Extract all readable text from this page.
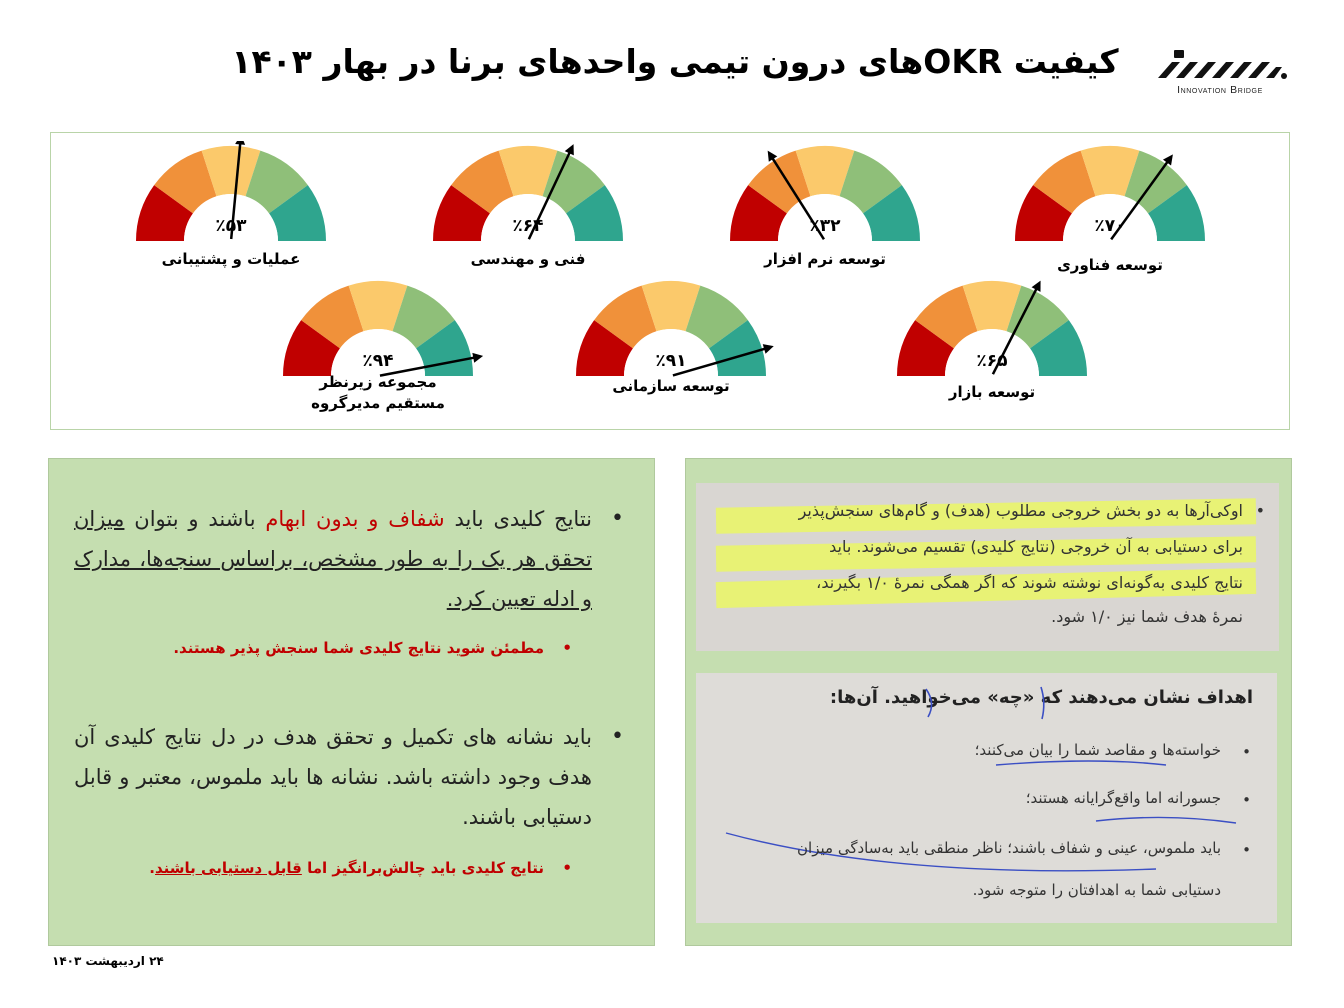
کیفیت OKRهای درون تیمی واحدهای برنا در بهار ۱۴۰۳
Innovation Bridge
٪۵۳
عملیات و پشتیبانی
٪۶۴
فنی و مهندسی
٪۳۲
توسعه نرم افزار
٪۷۰
توسعه فناوری
٪۹۴
مجموعه زیرنظر
مستقیم مدیرگروه
٪۹۱
توسعه سازمانی
٪۶۵
توسعه بازار
•
نتایج کلیدی باید شفاف و بدون ابهام باشند و بتوان میزان تحقق هر یک را به طور مشخص، براساس سنجه‌ها، مدارک و ادله تعیین کرد.
•
مطمئن شوید نتایج کلیدی شما سنجش پذیر هستند.
•
باید نشانه های تکمیل و تحقق هدف در دل نتایج کلیدی آن هدف وجود داشته باشد. نشانه ها باید ملموس، معتبر و قابل دستیابی باشند.
•
نتایج کلیدی باید چالش‌برانگیز اما قابل دستیابی باشند.
اوکی‌آرها به دو بخش خروجی مطلوب (هدف) و گام‌های سنجش‌پذیر
برای دستیابی به آن خروجی (نتایج کلیدی) تقسیم می‌شوند. باید
نتایج کلیدی به‌گونه‌ای نوشته شوند که اگر همگی نمرهٔ ۱/۰ بگیرند،
نمرهٔ هدف شما نیز ۱/۰ شود.
•
اهداف نشان می‌دهند که «چه» می‌خواهید. آن‌ها:
•
خواسته‌ها و مقاصد شما را بیان می‌کنند؛
•
جسورانه اما واقع‌گرایانه هستند؛
•
باید ملموس، عینی و شفاف باشند؛ ناظر منطقی باید به‌سادگی میزان
دستیابی شما به اهدافتان را متوجه شود.
۲۴ اردیبهشت ۱۴۰۳
